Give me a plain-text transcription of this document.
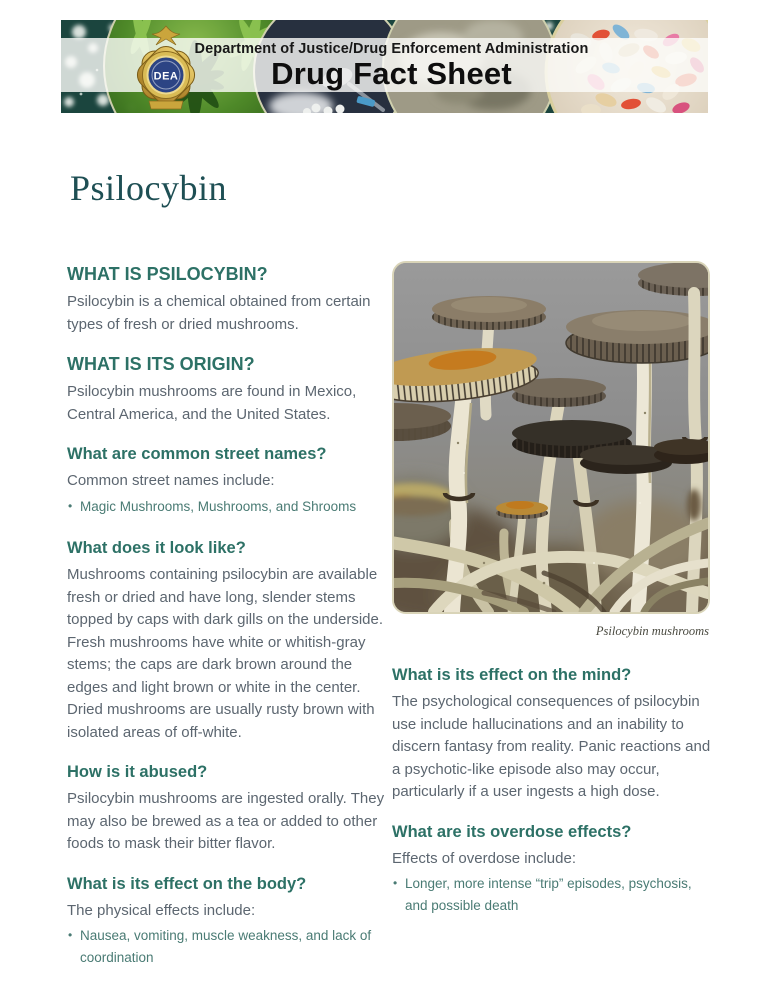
Department of Justice/Drug Enforcement Administration
Drug Fact Sheet
DEA
Psilocybin
WHAT IS PSILOCYBIN?

Psilocybin is a chemical obtained from certain types of fresh or dried mushrooms.

WHAT IS ITS ORIGIN?

Psilocybin mushrooms are found in Mexico, Central America, and the United States.

What are common street names?

Common street names include:

• Magic Mushrooms, Mushrooms, and Shrooms
What does it look like?

Mushrooms containing psilocybin are available fresh or dried and have long, slender stems topped by caps with dark gills on the underside. Fresh mushrooms have white or whitish-gray stems; the caps are dark brown around the edges and light brown or white in the center. Dried mushrooms are usually rusty brown with isolated areas of off-white.

How is it abused?

Psilocybin mushrooms are ingested orally. They may also be brewed as a tea or added to other foods to mask their bitter flavor.

What is its effect on the body?

The physical effects include:

• Nausea, vomiting, muscle weakness, and lack of coordination
Psilocybin mushrooms
What is its effect on the mind?

The psychological consequences of psilocybin use include hallucinations and an inability to discern fantasy from reality. Panic reactions and a psychotic-like episode also may occur, particularly if a user ingests a high dose.

What are its overdose effects?

Effects of overdose include:

• Longer, more intense “trip” episodes, psychosis, and possible death
